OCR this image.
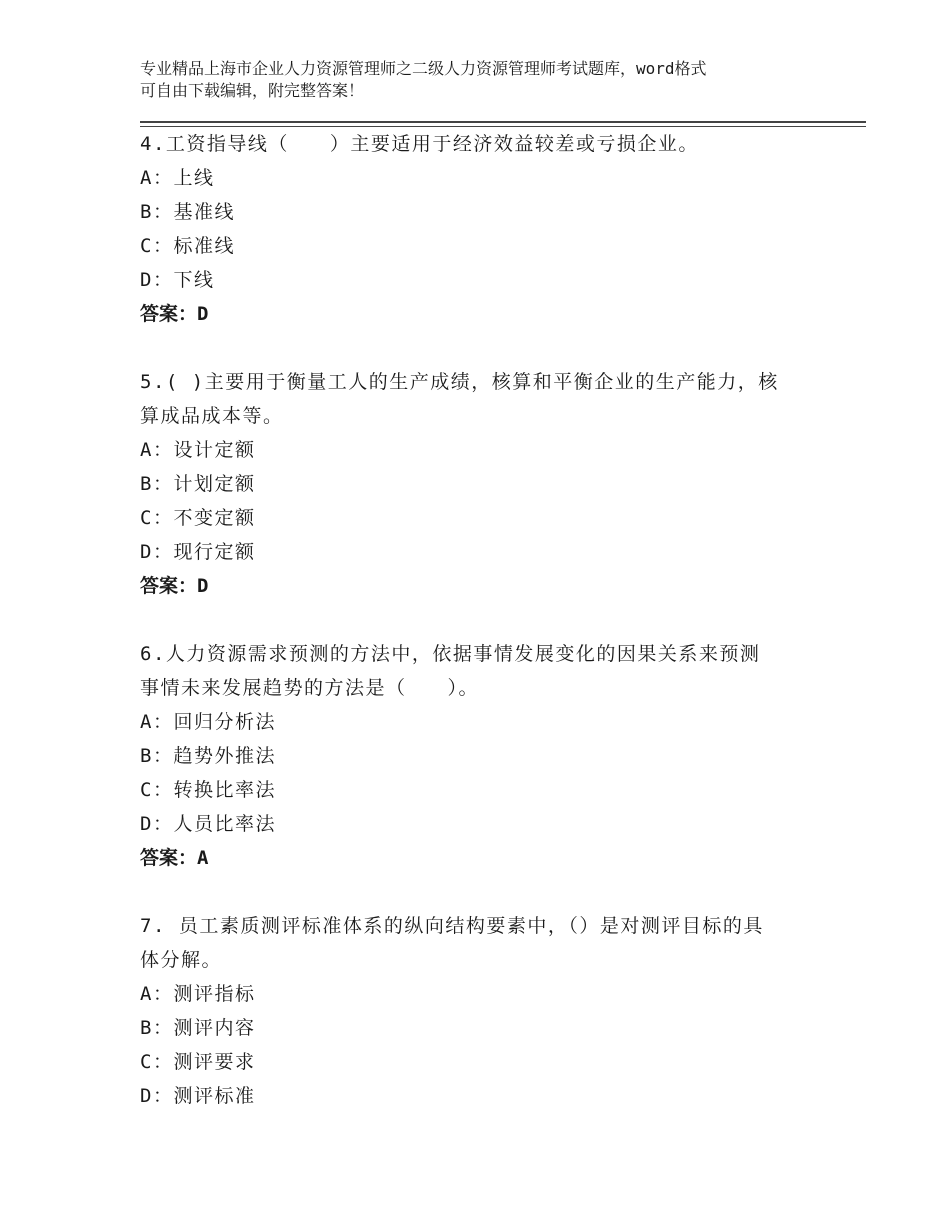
专业精品上海市企业人力资源管理师之二级人力资源管理师考试题库，word格式
可自由下载编辑，附完整答案！
4.工资指导线（　　）主要适用于经济效益较差或亏损企业。
A：上线
B：基准线
C：标准线
D：下线
答案：D
5.( )主要用于衡量工人的生产成绩，核算和平衡企业的生产能力，核
算成品成本等。
A：设计定额
B：计划定额
C：不变定额
D：现行定额
答案：D
6.人力资源需求预测的方法中，依据事情发展变化的因果关系来预测
事情未来发展趋势的方法是（　　）。
A：回归分析法
B：趋势外推法
C：转换比率法
D：人员比率法
答案：A
7. 员工素质测评标准体系的纵向结构要素中，（）是对测评目标的具
体分解。
A：测评指标
B：测评内容
C：测评要求
D：测评标准
